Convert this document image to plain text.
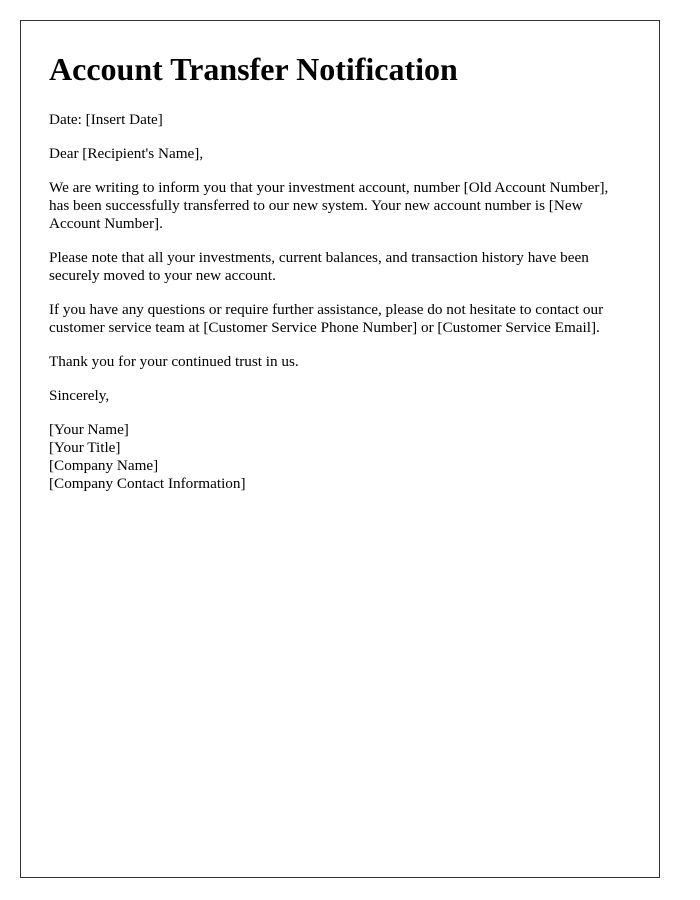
Account Transfer Notification

Date: [Insert Date]

Dear [Recipient's Name],

We are writing to inform you that your investment account, number [Old Account Number], has been successfully transferred to our new system. Your new account number is [New Account Number].

Please note that all your investments, current balances, and transaction history have been securely moved to your new account.

If you have any questions or require further assistance, please do not hesitate to contact our customer service team at [Customer Service Phone Number] or [Customer Service Email].

Thank you for your continued trust in us.

Sincerely,

[Your Name]
[Your Title]
[Company Name]
[Company Contact Information]
